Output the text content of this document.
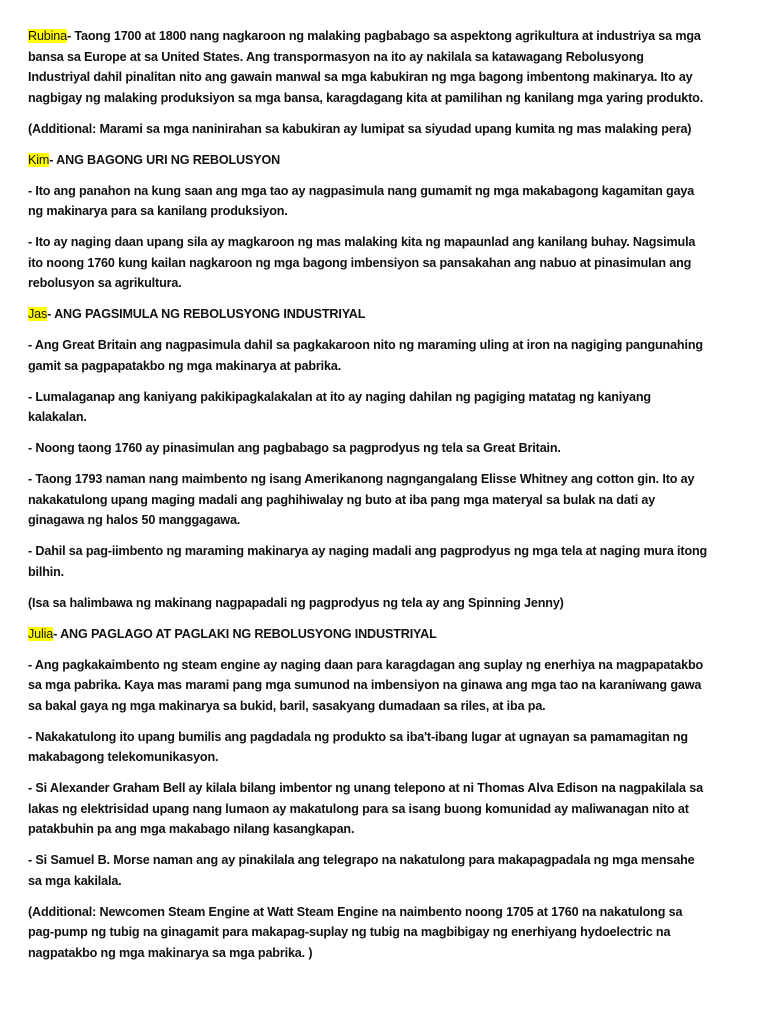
Rubina- Taong 1700 at 1800 nang nagkaroon ng malaking pagbabago sa aspektong agrikultura at industriya sa mga bansa sa Europe at sa United States. Ang transpormasyon na ito ay nakilala sa katawagang Rebolusyong Industriyal dahil pinalitan nito ang gawain manwal sa mga kabukiran ng mga bagong imbentong makinarya. Ito ay nagbigay ng malaking produksiyon sa mga bansa, karagdagang kita at pamilihan ng kanilang mga yaring produkto.

(Additional: Marami sa mga naninirahan sa kabukiran ay lumipat sa siyudad upang kumita ng mas malaking pera)

Kim- ANG BAGONG URI NG REBOLUSYON

- Ito ang panahon na kung saan ang mga tao ay nagpasimula nang gumamit ng mga makabagong kagamitan gaya ng makinarya para sa kanilang produksiyon.

- Ito ay naging daan upang sila ay magkaroon ng mas malaking kita ng mapaunlad ang kanilang buhay. Nagsimula ito noong 1760 kung kailan nagkaroon ng mga bagong imbensiyon sa pansakahan ang nabuo at pinasimulan ang rebolusyon sa agrikultura.

Jas- ANG PAGSIMULA NG REBOLUSYONG INDUSTRIYAL

- Ang Great Britain ang nagpasimula dahil sa pagkakaroon nito ng maraming uling at iron na nagiging pangunahing gamit sa pagpapatakbo ng mga makinarya at pabrika.

- Lumalaganap ang kaniyang pakikipagkalakalan at ito ay naging dahilan ng pagiging matatag ng kaniyang kalakalan.

- Noong taong 1760 ay pinasimulan ang pagbabago sa pagprodyus ng tela sa Great Britain.

- Taong 1793 naman nang maimbento ng isang Amerikanong nagngangalang Elisse Whitney ang cotton gin. Ito ay nakakatulong upang maging madali ang paghihiwalay ng buto at iba pang mga materyal sa bulak na dati ay ginagawa ng halos 50 manggagawa.

- Dahil sa pag-iimbento ng maraming makinarya ay naging madali ang pagprodyus ng mga tela at naging mura itong bilhin.

(Isa sa halimbawa ng makinang nagpapadali ng pagprodyus ng tela ay ang Spinning Jenny)

Julia- ANG PAGLAGO AT PAGLAKI NG REBOLUSYONG INDUSTRIYAL

- Ang pagkakaimbento ng steam engine ay naging daan para karagdagan ang suplay ng enerhiya na magpapatakbo sa mga pabrika. Kaya mas marami pang mga sumunod na imbensiyon na ginawa ang mga tao na karaniwang gawa sa bakal gaya ng mga makinarya sa bukid, baril, sasakyang dumadaan sa riles, at iba pa.

- Nakakatulong ito upang bumilis ang pagdadala ng produkto sa iba't-ibang lugar at ugnayan sa pamamagitan ng makabagong telekomunikasyon.

- Si Alexander Graham Bell ay kilala bilang imbentor ng unang telepono at ni Thomas Alva Edison na nagpakilala sa lakas ng elektrisidad upang nang lumaon ay makatulong para sa isang buong komunidad ay maliwanagan nito at patakbuhin pa ang mga makabago nilang kasangkapan.

- Si Samuel B. Morse naman ang ay pinakilala ang telegrapo na nakatulong para makapagpadala ng mga mensahe sa mga kakilala.

(Additional: Newcomen Steam Engine at Watt Steam Engine na naimbento noong 1705 at 1760 na nakatulong sa pag-pump ng tubig na ginagamit para makapag-suplay ng tubig na magbibigay ng enerhiyang hydoelectric na nagpatakbo ng mga makinarya sa mga pabrika. )
